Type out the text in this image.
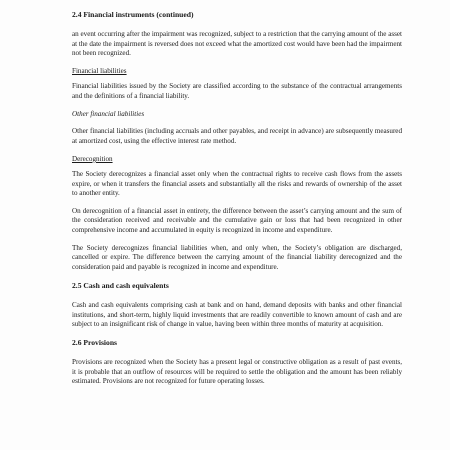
2.4 Financial instruments (continued)
an event occurring after the impairment was recognized, subject to a restriction that the carrying amount of the asset at the date the impairment is reversed does not exceed what the amortized cost would have been had the impairment not been recognized.
Financial liabilities
Financial liabilities issued by the Society are classified according to the substance of the contractual arrangements and the definitions of a financial liability.
Other financial liabilities
Other financial liabilities (including accruals and other payables, and receipt in advance) are subsequently measured at amortized cost, using the effective interest rate method.
Derecognition
The Society derecognizes a financial asset only when the contractual rights to receive cash flows from the assets expire, or when it transfers the financial assets and substantially all the risks and rewards of ownership of the asset to another entity.
On derecognition of a financial asset in entirety, the difference between the asset’s carrying amount and the sum of the consideration received and receivable and the cumulative gain or loss that had been recognized in other comprehensive income and accumulated in equity is recognized in income and expenditure.
The Society derecognizes financial liabilities when, and only when, the Society’s obligation are discharged, cancelled or expire. The difference between the carrying amount of the financial liability derecognized and the consideration paid and payable is recognized in income and expenditure.
2.5 Cash and cash equivalents
Cash and cash equivalents comprising cash at bank and on hand, demand deposits with banks and other financial institutions, and short-term, highly liquid investments that are readily convertible to known amount of cash and are subject to an insignificant risk of change in value, having been within three months of maturity at acquisition.
2.6 Provisions
Provisions are recognized when the Society has a present legal or constructive obligation as a result of past events, it is probable that an outflow of resources will be required to settle the obligation and the amount has been reliably estimated. Provisions are not recognized for future operating losses.
